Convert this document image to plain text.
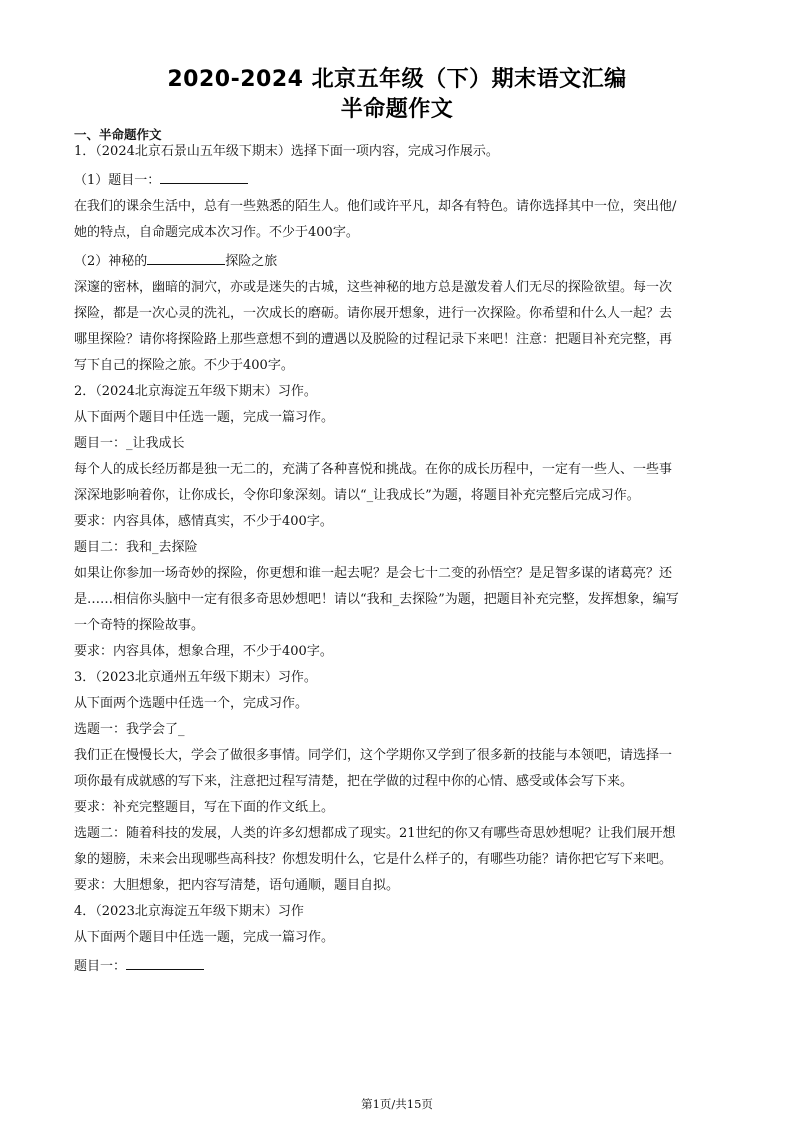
2020-2024 北京五年级（下）期末语文汇编
半命题作文
一、半命题作文
1．（2024北京石景山五年级下期末）选择下面一项内容，完成习作展示。
（1）题目一：
在我们的课余生活中，总有一些熟悉的陌生人。他们或许平凡，却各有特色。请你选择其中一位，突出他/
她的特点，自命题完成本次习作。不少于400字。
（2）神秘的	探险之旅
深邃的密林，幽暗的洞穴，亦或是迷失的古城，这些神秘的地方总是激发着人们无尽的探险欲望。每一次
探险，都是一次心灵的洗礼，一次成长的磨砺。请你展开想象，进行一次探险。你希望和什么人一起？去
哪里探险？请你将探险路上那些意想不到的遭遇以及脱险的过程记录下来吧！注意：把题目补充完整，再
写下自己的探险之旅。不少于400字。
2．（2024北京海淀五年级下期末）习作。
从下面两个题目中任选一题，完成一篇习作。
题目一：_让我成长
每个人的成长经历都是独一无二的，充满了各种喜悦和挑战。在你的成长历程中，一定有一些人、一些事
深深地影响着你，让你成长，令你印象深刻。请以“_让我成长”为题，将题目补充完整后完成习作。
要求：内容具体，感情真实，不少于400字。
题目二：我和_去探险
如果让你参加一场奇妙的探险，你更想和谁一起去呢？是会七十二变的孙悟空？是足智多谋的诸葛亮？还
是……相信你头脑中一定有很多奇思妙想吧！请以“我和_去探险”为题，把题目补充完整，发挥想象，编写
一个奇特的探险故事。
要求：内容具体，想象合理，不少于400字。
3．（2023北京通州五年级下期末）习作。
从下面两个选题中任选一个，完成习作。
选题一：我学会了_
我们正在慢慢长大，学会了做很多事情。同学们，这个学期你又学到了很多新的技能与本领吧，请选择一
项你最有成就感的写下来，注意把过程写清楚，把在学做的过程中你的心情、感受或体会写下来。
要求：补充完整题目，写在下面的作文纸上。
选题二：随着科技的发展，人类的许多幻想都成了现实。21世纪的你又有哪些奇思妙想呢？让我们展开想
象的翅膀，未来会出现哪些高科技？你想发明什么，它是什么样子的，有哪些功能？请你把它写下来吧。
要求：大胆想象，把内容写清楚，语句通顺，题目自拟。
4．（2023北京海淀五年级下期末）习作
从下面两个题目中任选一题，完成一篇习作。
题目一：
第1页/共15页
